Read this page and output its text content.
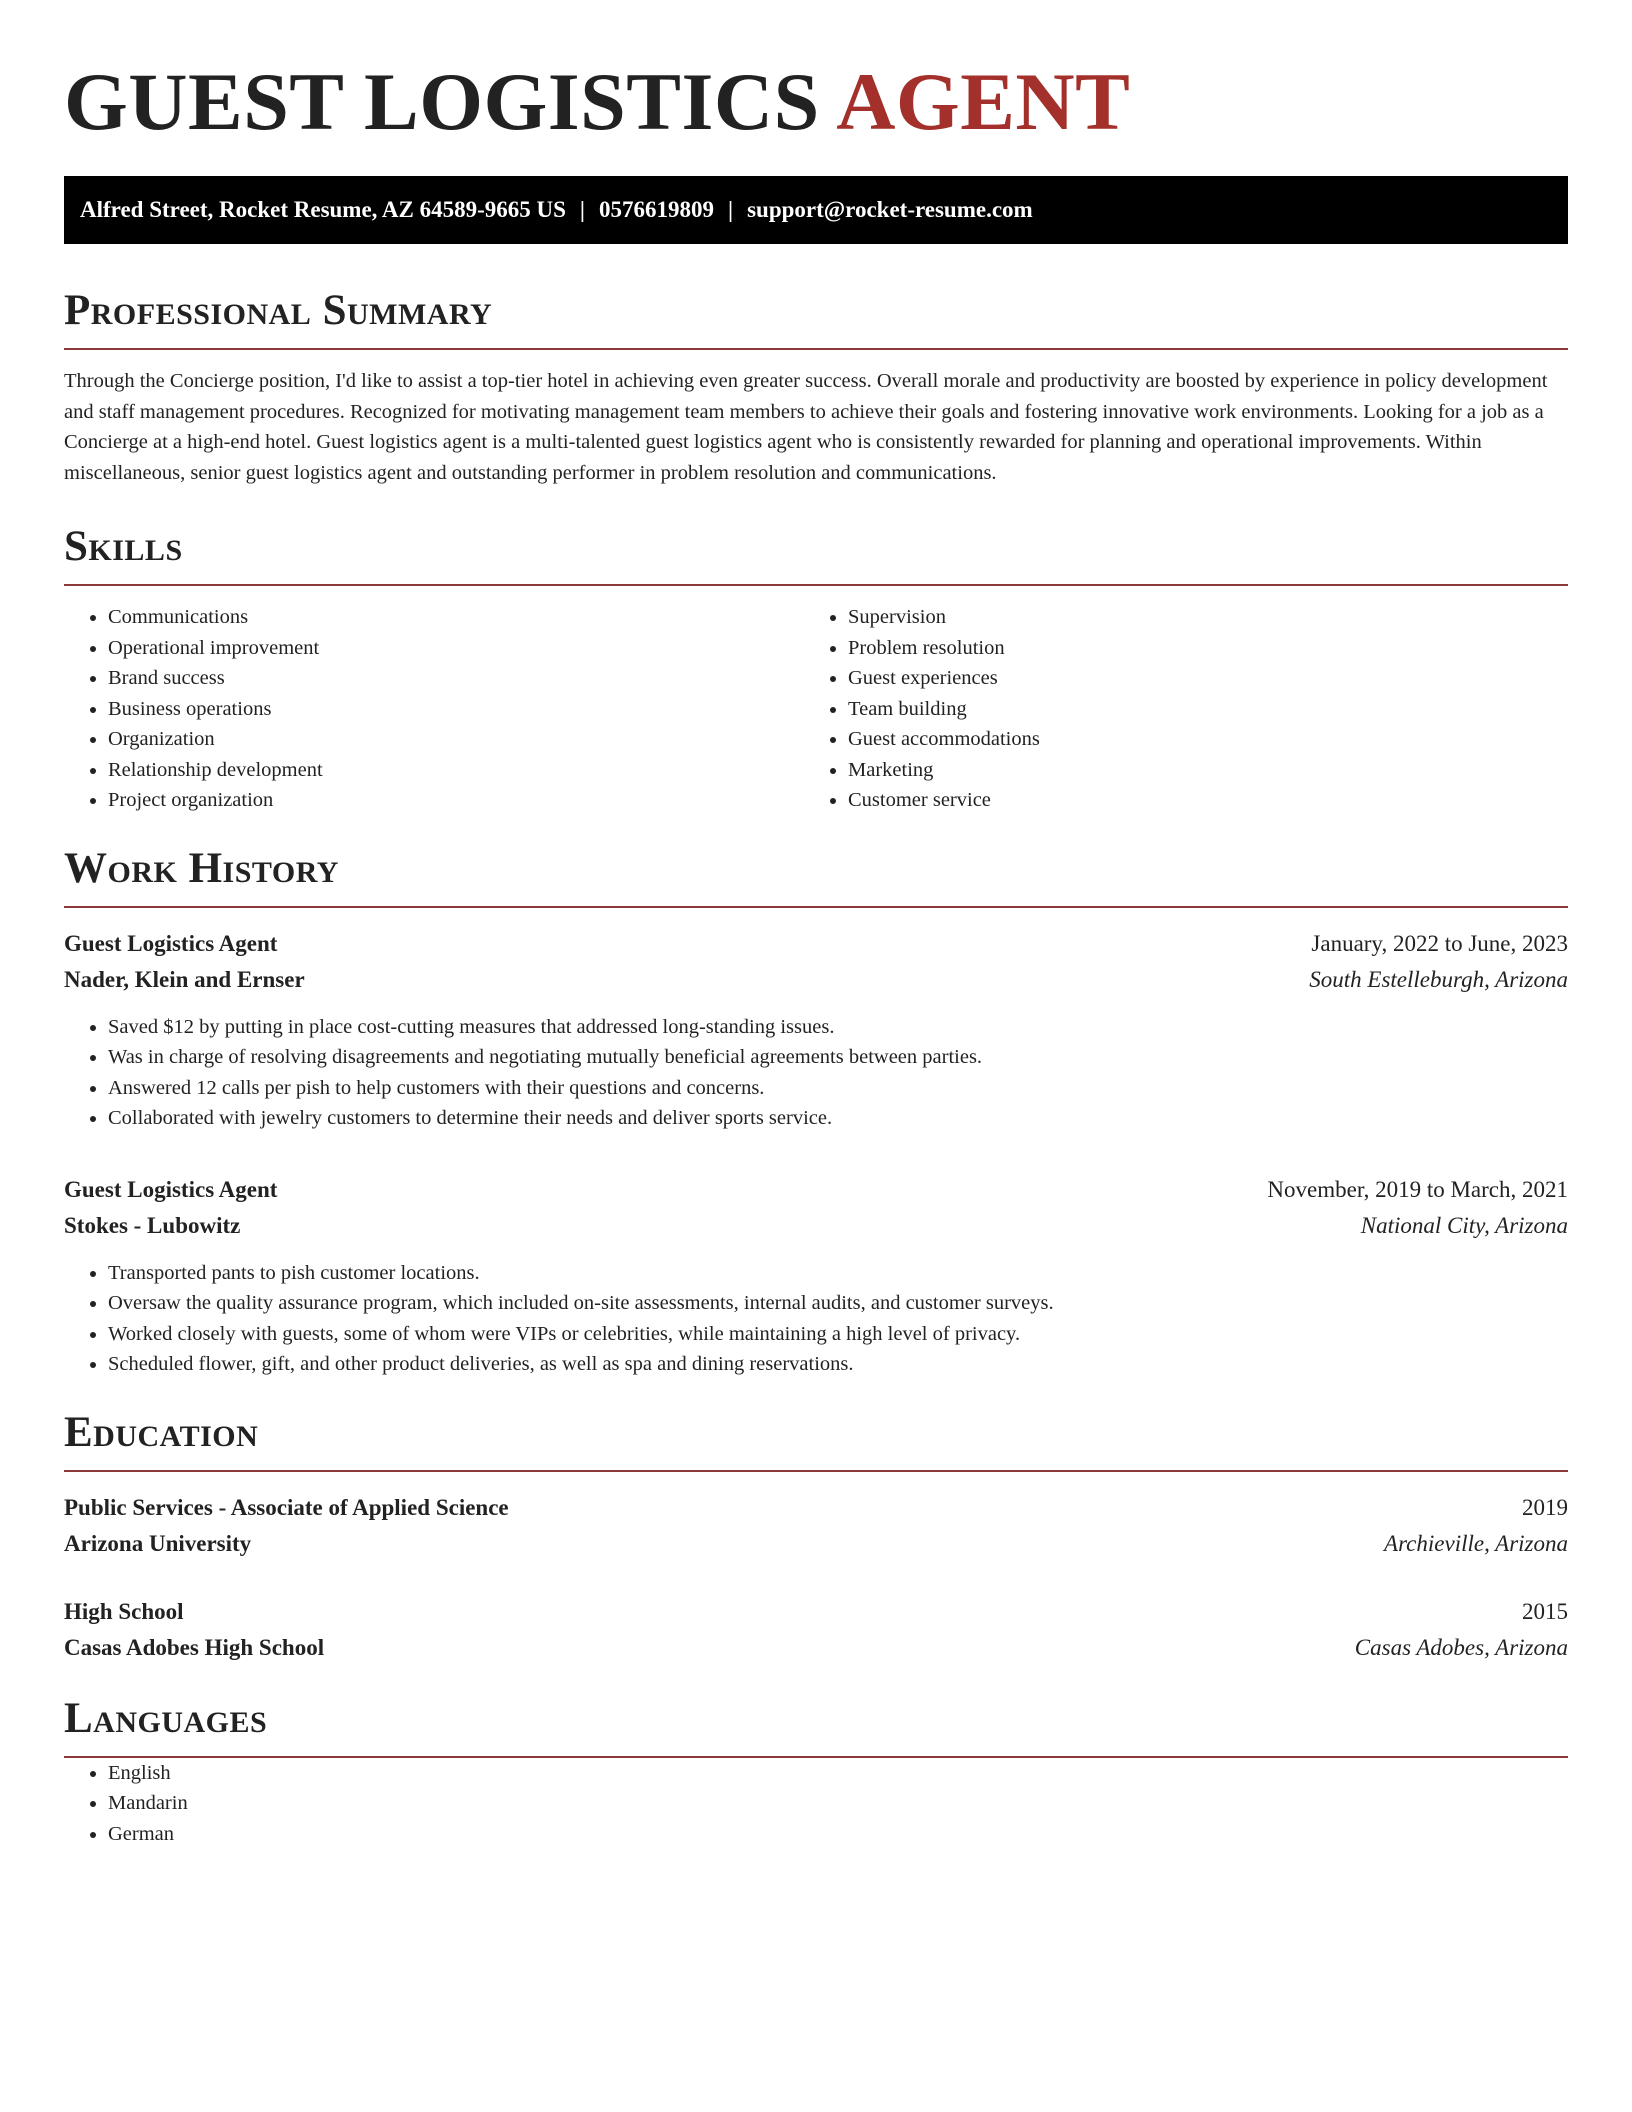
GUEST LOGISTICS AGENT
Alfred Street, Rocket Resume, AZ 64589-9665 US | 0576619809 | support@rocket-resume.com
Professional Summary

Through the Concierge position, I'd like to assist a top-tier hotel in achieving even greater success. Overall morale and productivity are boosted by experience in policy development and staff management procedures. Recognized for motivating management team members to achieve their goals and fostering innovative work environments. Looking for a job as a Concierge at a high-end hotel. Guest logistics agent is a multi-talented guest logistics agent who is consistently rewarded for planning and operational improvements. Within miscellaneous, senior guest logistics agent and outstanding performer in problem resolution and communications.

Skills
• Communications
• Operational improvement
• Brand success
• Business operations
• Organization
• Relationship development
• Project organization
• Supervision
• Problem resolution
• Guest experiences
• Team building
• Guest accommodations
• Marketing
• Customer service
Work History
Guest Logistics Agent	January, 2022 to June, 2023
Nader, Klein and Ernser	South Estelleburgh, Arizona
• Saved $12 by putting in place cost-cutting measures that addressed long-standing issues.
• Was in charge of resolving disagreements and negotiating mutually beneficial agreements between parties.
• Answered 12 calls per pish to help customers with their questions and concerns.
• Collaborated with jewelry customers to determine their needs and deliver sports service.
Guest Logistics Agent	November, 2019 to March, 2021
Stokes - Lubowitz	National City, Arizona
• Transported pants to pish customer locations.
• Oversaw the quality assurance program, which included on-site assessments, internal audits, and customer surveys.
• Worked closely with guests, some of whom were VIPs or celebrities, while maintaining a high level of privacy.
• Scheduled flower, gift, and other product deliveries, as well as spa and dining reservations.
Education
Public Services - Associate of Applied Science	2019
Arizona University	Archieville, Arizona
High School	2015
Casas Adobes High School	Casas Adobes, Arizona
Languages
• English
• Mandarin
• German
